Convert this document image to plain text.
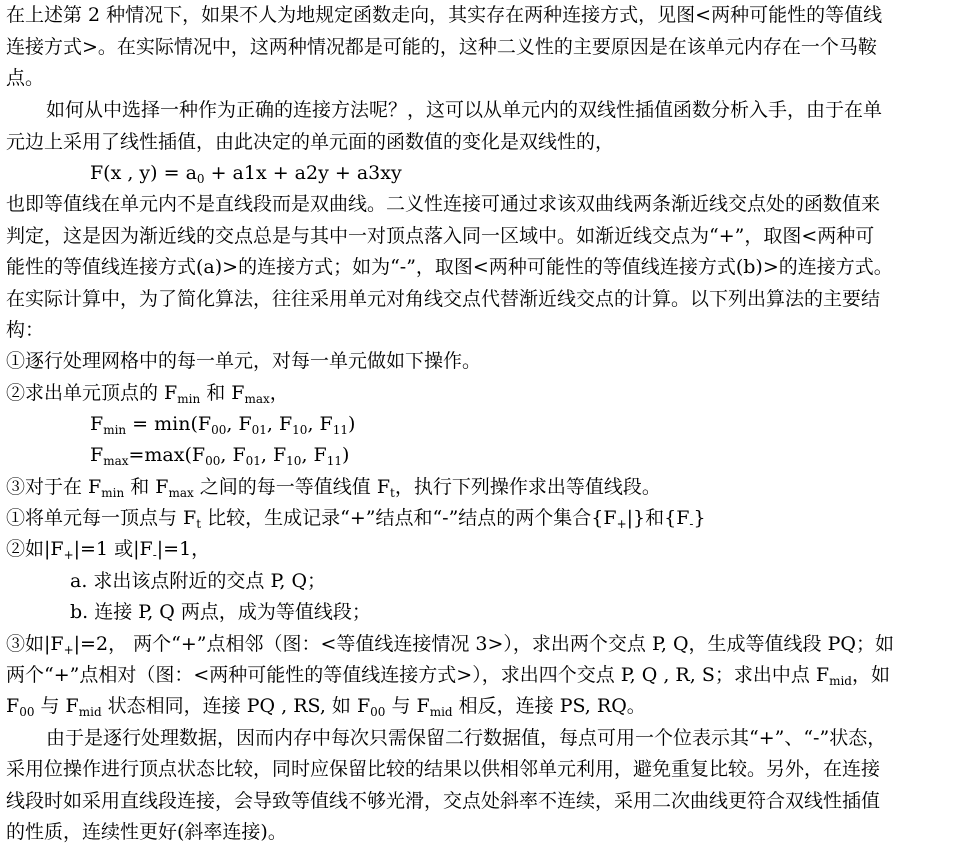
在上述第 2 种情况下，如果不人为地规定函数走向，其实存在两种连接方式，见图<两种可能性的等值线
连接方式>。在实际情况中，这两种情况都是可能的，这种二义性的主要原因是在该单元内存在一个马鞍
点。
如何从中选择一种作为正确的连接方法呢？，这可以从单元内的双线性插值函数分析入手，由于在单
元边上采用了线性插值，由此决定的单元面的函数值的变化是双线性的，
F(x , $y) = a_0 + a1x + a2y + a3xy$
也即等值线在单元内不是直线段而是双曲线。二义性连接可通过求该双曲线两条渐近线交点处的函数值来
判定，这是因为渐近线的交点总是与其中一对顶点落入同一区域中。如渐近线交点为“+”，取图<两种可
能性的等值线连接方式(a)>的连接方式；如为“-”，取图<两种可能性的等值线连接方式(b)>的连接方式。
在实际计算中，为了简化算法，往往采用单元对角线交点代替渐近线交点的计算。以下列出算法的主要结
构：
①逐行处理网格中的每一单元，对每一单元做如下操作。
②求出单元顶点的 $F_{min}$ 和 $F_{max}$，
$F_{min} = \min(F_{00}$, $F_{01}$, $F_{10}$, $F_{11}$)
$F_{max}=\max(F_{00}$, $F_{01}$, $F_{10}$, $F_{11}$)
③对于在 $F_{min}$ 和 $F_{max}$ 之间的每一等值线值 $F_t$，执行下列操作求出等值线段。
①将单元每一顶点与 $F_t$ 比较，生成记录“+”结点和“-”结点的两个集合$\{F_+|\}$和$\{F_-\}$
②如$|F_+|=1$ 或$|F_-|=1$，
a. 求出该点附近的交点 P, Q；
b. 连接 P, Q 两点，成为等值线段；
③如$|F_+|=2$， 两个“+”点相邻（图：<等值线连接情况 3>），求出两个交点 P, Q，生成等值线段 PQ；如
两个“+”点相对（图：<两种可能性的等值线连接方式>），求出四个交点 P, Q , R, S；求出中点 $F_{mid}$，如
$F_{00}$ 与 $F_{mid}$ 状态相同，连接 PQ , RS, 如 $F_{00}$ 与 $F_{mid}$ 相反，连接 PS, RQ。
由于是逐行处理数据，因而内存中每次只需保留二行数据值，每点可用一个位表示其“+”、“-”状态，
采用位操作进行顶点状态比较，同时应保留比较的结果以供相邻单元利用，避免重复比较。另外，在连接
线段时如采用直线段连接，会导致等值线不够光滑，交点处斜率不连续，采用二次曲线更符合双线性插值
的性质，连续性更好(斜率连接)。
